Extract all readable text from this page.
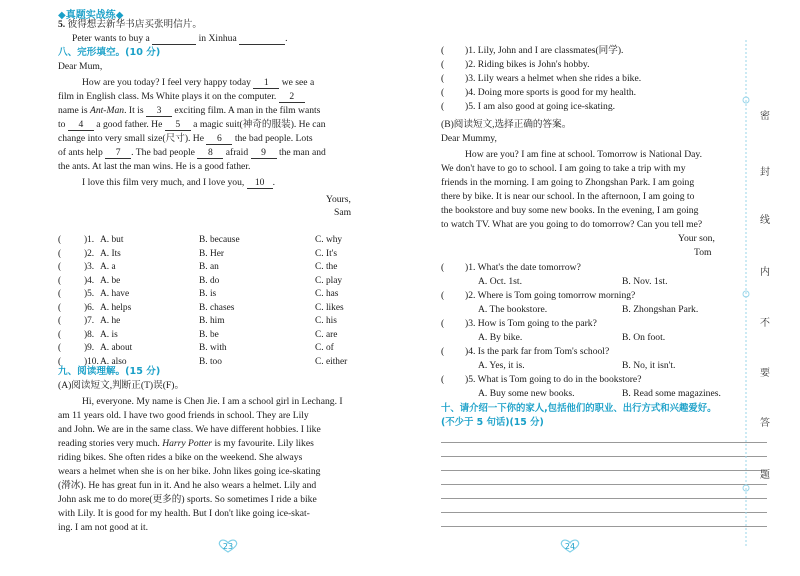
◆真题实战练◆
5. 彼得想去新华书店买张明信片。
Peter wants to buy a	in Xinhua	.
八、完形填空。(10 分)
Dear Mum,
How are you today? I feel very happy today 1 we see a
film in English class. Ms White plays it on the computer. 2
name is Ant-Man. It is 3 exciting film. A man in the film wants
to 4 a good father. He 5 a magic suit(神奇的服装). He can
change into very small size(尺寸). He 6 the bad people. Lots
of ants help 7 . The bad people 8 afraid 9 the man and
the ants. At last the man wins. He is a good father.
I love this film very much, and I love you, 10 .
Yours,
Sam
( )1. A. but	B. because	C. why
( )2. A. Its	B. Her	C. It's
( )3. A. a	B. an	C. the
( )4. A. be	B. do	C. play
( )5. A. have	B. is	C. has
( )6. A. helps	B. chases	C. likes
( )7. A. he	B. him	C. his
( )8. A. is	B. be	C. are
( )9. A. about	B. with	C. of
( )10. A. also	B. too	C. either
九、阅读理解。(15 分)
(A)阅读短文,判断正(T)误(F)。
Hi, everyone. My name is Chen Jie. I am a school girl in Lechang. I
am 11 years old. I have two good friends in school. They are Lily
and John. We are in the same class. We have different hobbies. I like
reading stories very much. Harry Potter is my favourite. Lily likes
riding bikes. She often rides a bike on the weekend. She always
wears a helmet when she is on her bike. John likes going ice-skating
(滑冰). He has great fun in it. And he also wears a helmet. Lily and
John ask me to do more(更多的) sports. So sometimes I ride a bike
with Lily. It is good for my health. But I don't like going ice-skat-
ing. I am not good at it.
23
( )1. Lily, John and I are classmates(同学).
( )2. Riding bikes is John's hobby.
( )3. Lily wears a helmet when she rides a bike.
( )4. Doing more sports is good for my health.
( )5. I am also good at going ice-skating.
(B)阅读短文,选择正确的答案。
Dear Mummy,
How are you? I am fine at school. Tomorrow is National Day.
We don't have to go to school. I am going to take a trip with my
friends in the morning. I am going to Zhongshan Park. I am going
there by bike. It is near our school. In the afternoon, I am going to
the bookstore and buy some new books. In the evening, I am going
to watch TV. What are you going to do tomorrow? Can you tell me?
Your son,
Tom
( )1. What's the date tomorrow?
A. Oct. 1st.	B. Nov. 1st.
( )2. Where is Tom going tomorrow morning?
A. The bookstore.	B. Zhongshan Park.
( )3. How is Tom going to the park?
A. By bike.	B. On foot.
( )4. Is the park far from Tom's school?
A. Yes, it is.	B. No, it isn't.
( )5. What is Tom going to do in the bookstore?
A. Buy some new books.	B. Read some magazines.
十、请介绍一下你的家人,包括他们的职业、出行方式和兴趣爱好。
(不少于 5 句话)(15 分)
24
密
封
线
内
不
要
答
题
